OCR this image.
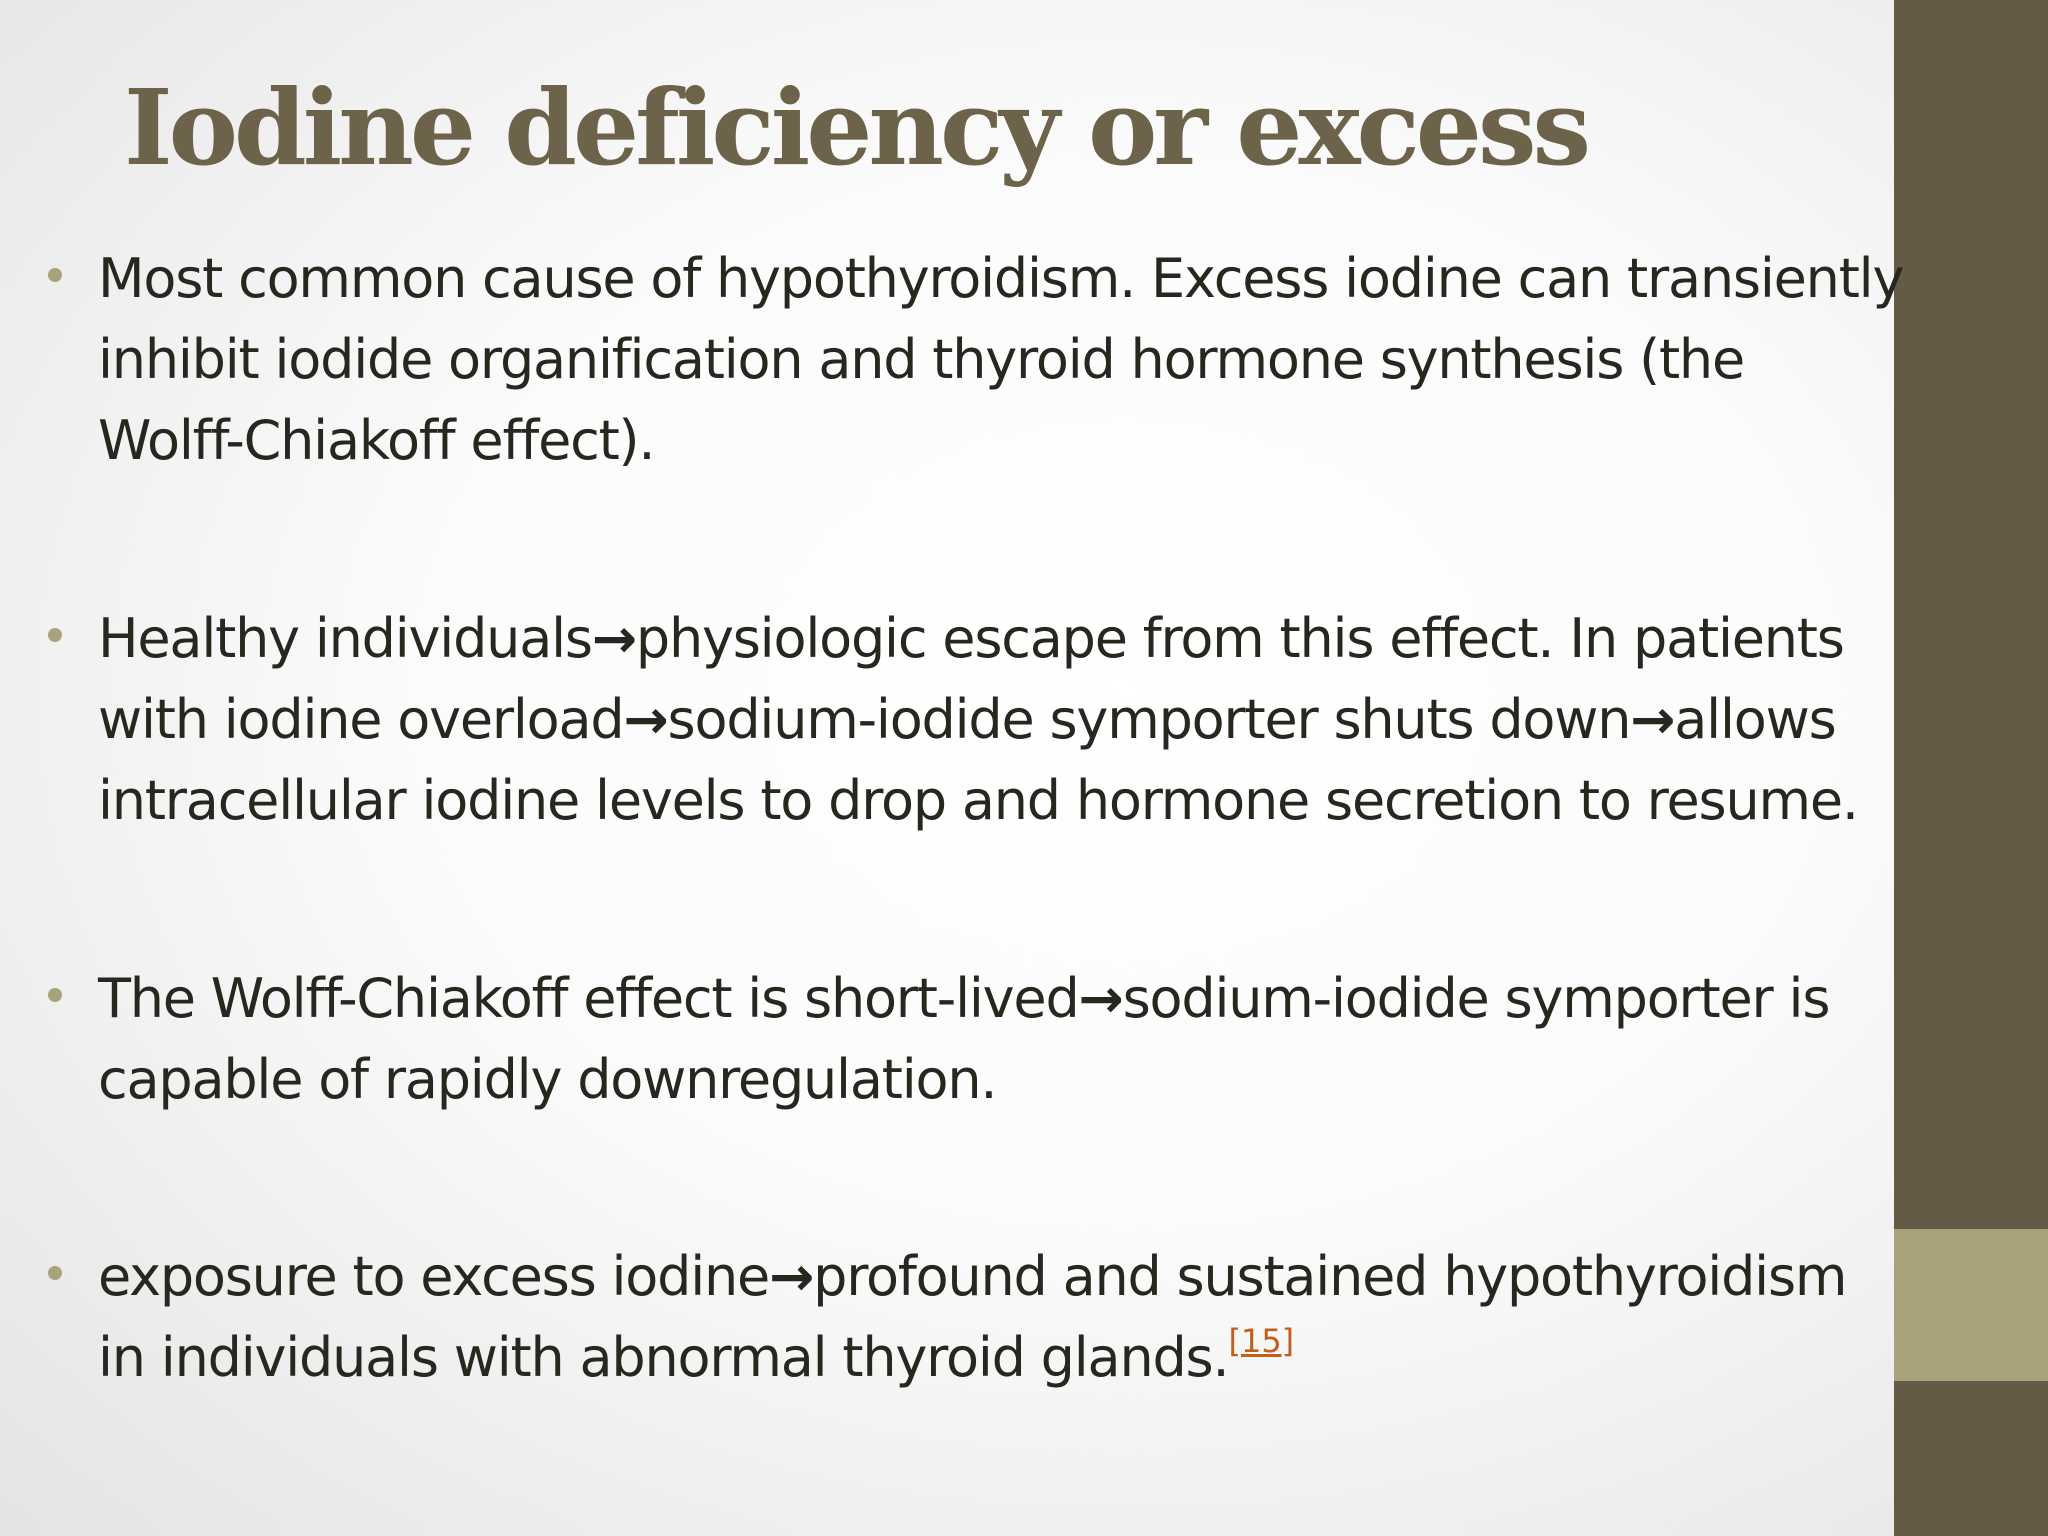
Iodine deficiency or excess
Most common cause of hypothyroidism. Excess iodine can transiently
inhibit iodide organification and thyroid hormone synthesis (the
Wolff-Chiakoff effect).
Healthy individuals→physiologic escape from this effect. In patients
with iodine overload→sodium-iodide symporter shuts down→allows
intracellular iodine levels to drop and hormone secretion to resume.
The Wolff-Chiakoff effect is short-lived→sodium-iodide symporter is
capable of rapidly downregulation.
exposure to excess iodine→profound and sustained hypothyroidism
in individuals with abnormal thyroid glands.[15]
